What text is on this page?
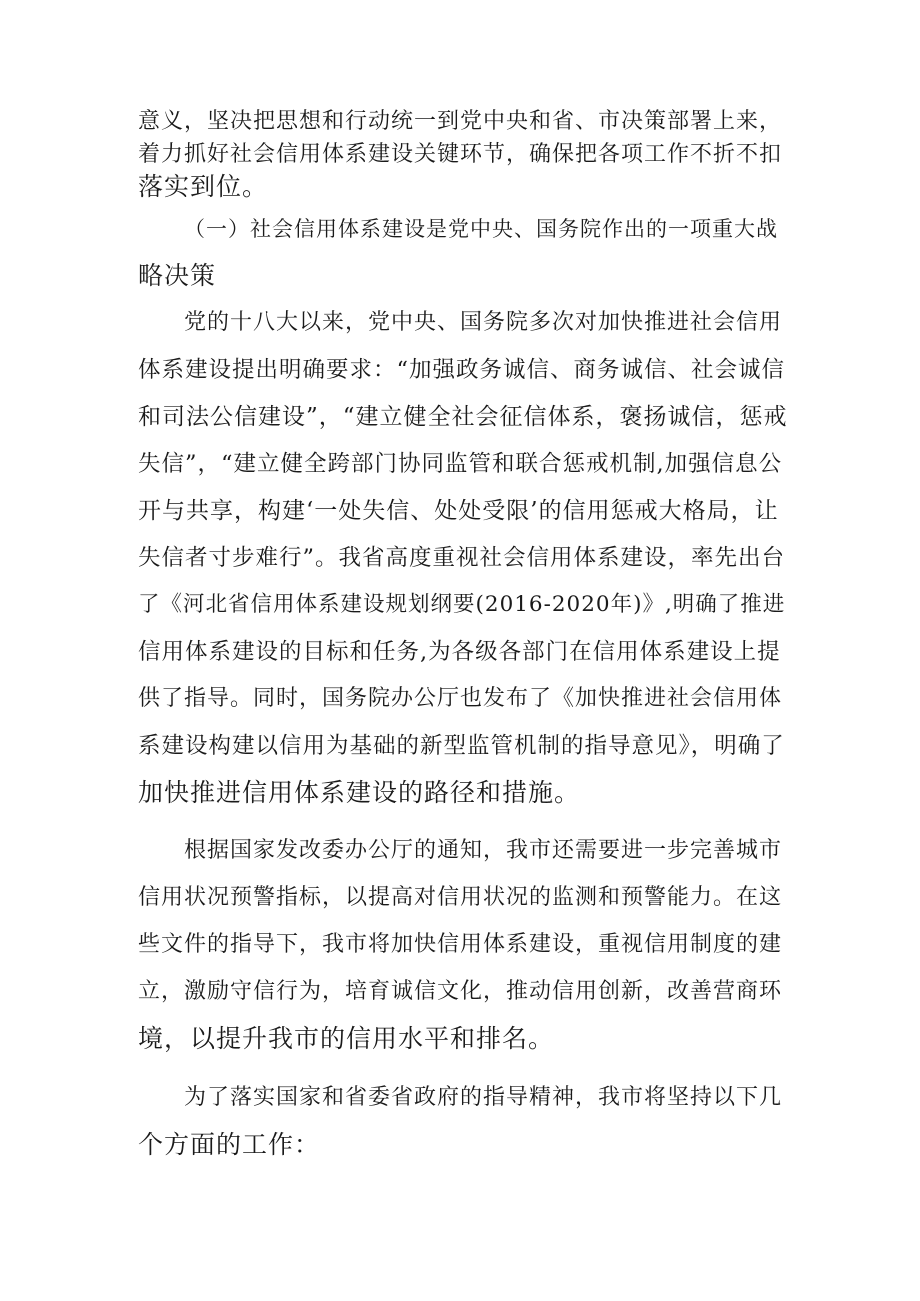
意义，坚决把思想和行动统一到党中央和省、市决策部署上来，
着力抓好社会信用体系建设关键环节，确保把各项工作不折不扣
落实到位。
（一）社会信用体系建设是党中央、国务院作出的一项重大战
略决策
党的十八大以来，党中央、国务院多次对加快推进社会信用
体系建设提出明确要求：“加强政务诚信、商务诚信、社会诚信
和司法公信建设”，“建立健全社会征信体系，褒扬诚信，惩戒
失信”，“建立健全跨部门协同监管和联合惩戒机制,加强信息公
开与共享，构建‘一处失信、处处受限’的信用惩戒大格局，让
失信者寸步难行”。我省高度重视社会信用体系建设，率先出台
了《河北省信用体系建设规划纲要(2016-2020年)》,明确了推进
信用体系建设的目标和任务,为各级各部门在信用体系建设上提
供了指导。同时，国务院办公厅也发布了《加快推进社会信用体
系建设构建以信用为基础的新型监管机制的指导意见》，明确了
加快推进信用体系建设的路径和措施。
根据国家发改委办公厅的通知，我市还需要进一步完善城市
信用状况预警指标，以提高对信用状况的监测和预警能力。在这
些文件的指导下，我市将加快信用体系建设，重视信用制度的建
立，激励守信行为，培育诚信文化，推动信用创新，改善营商环
境，以提升我市的信用水平和排名。
为了落实国家和省委省政府的指导精神，我市将坚持以下几
个方面的工作：
